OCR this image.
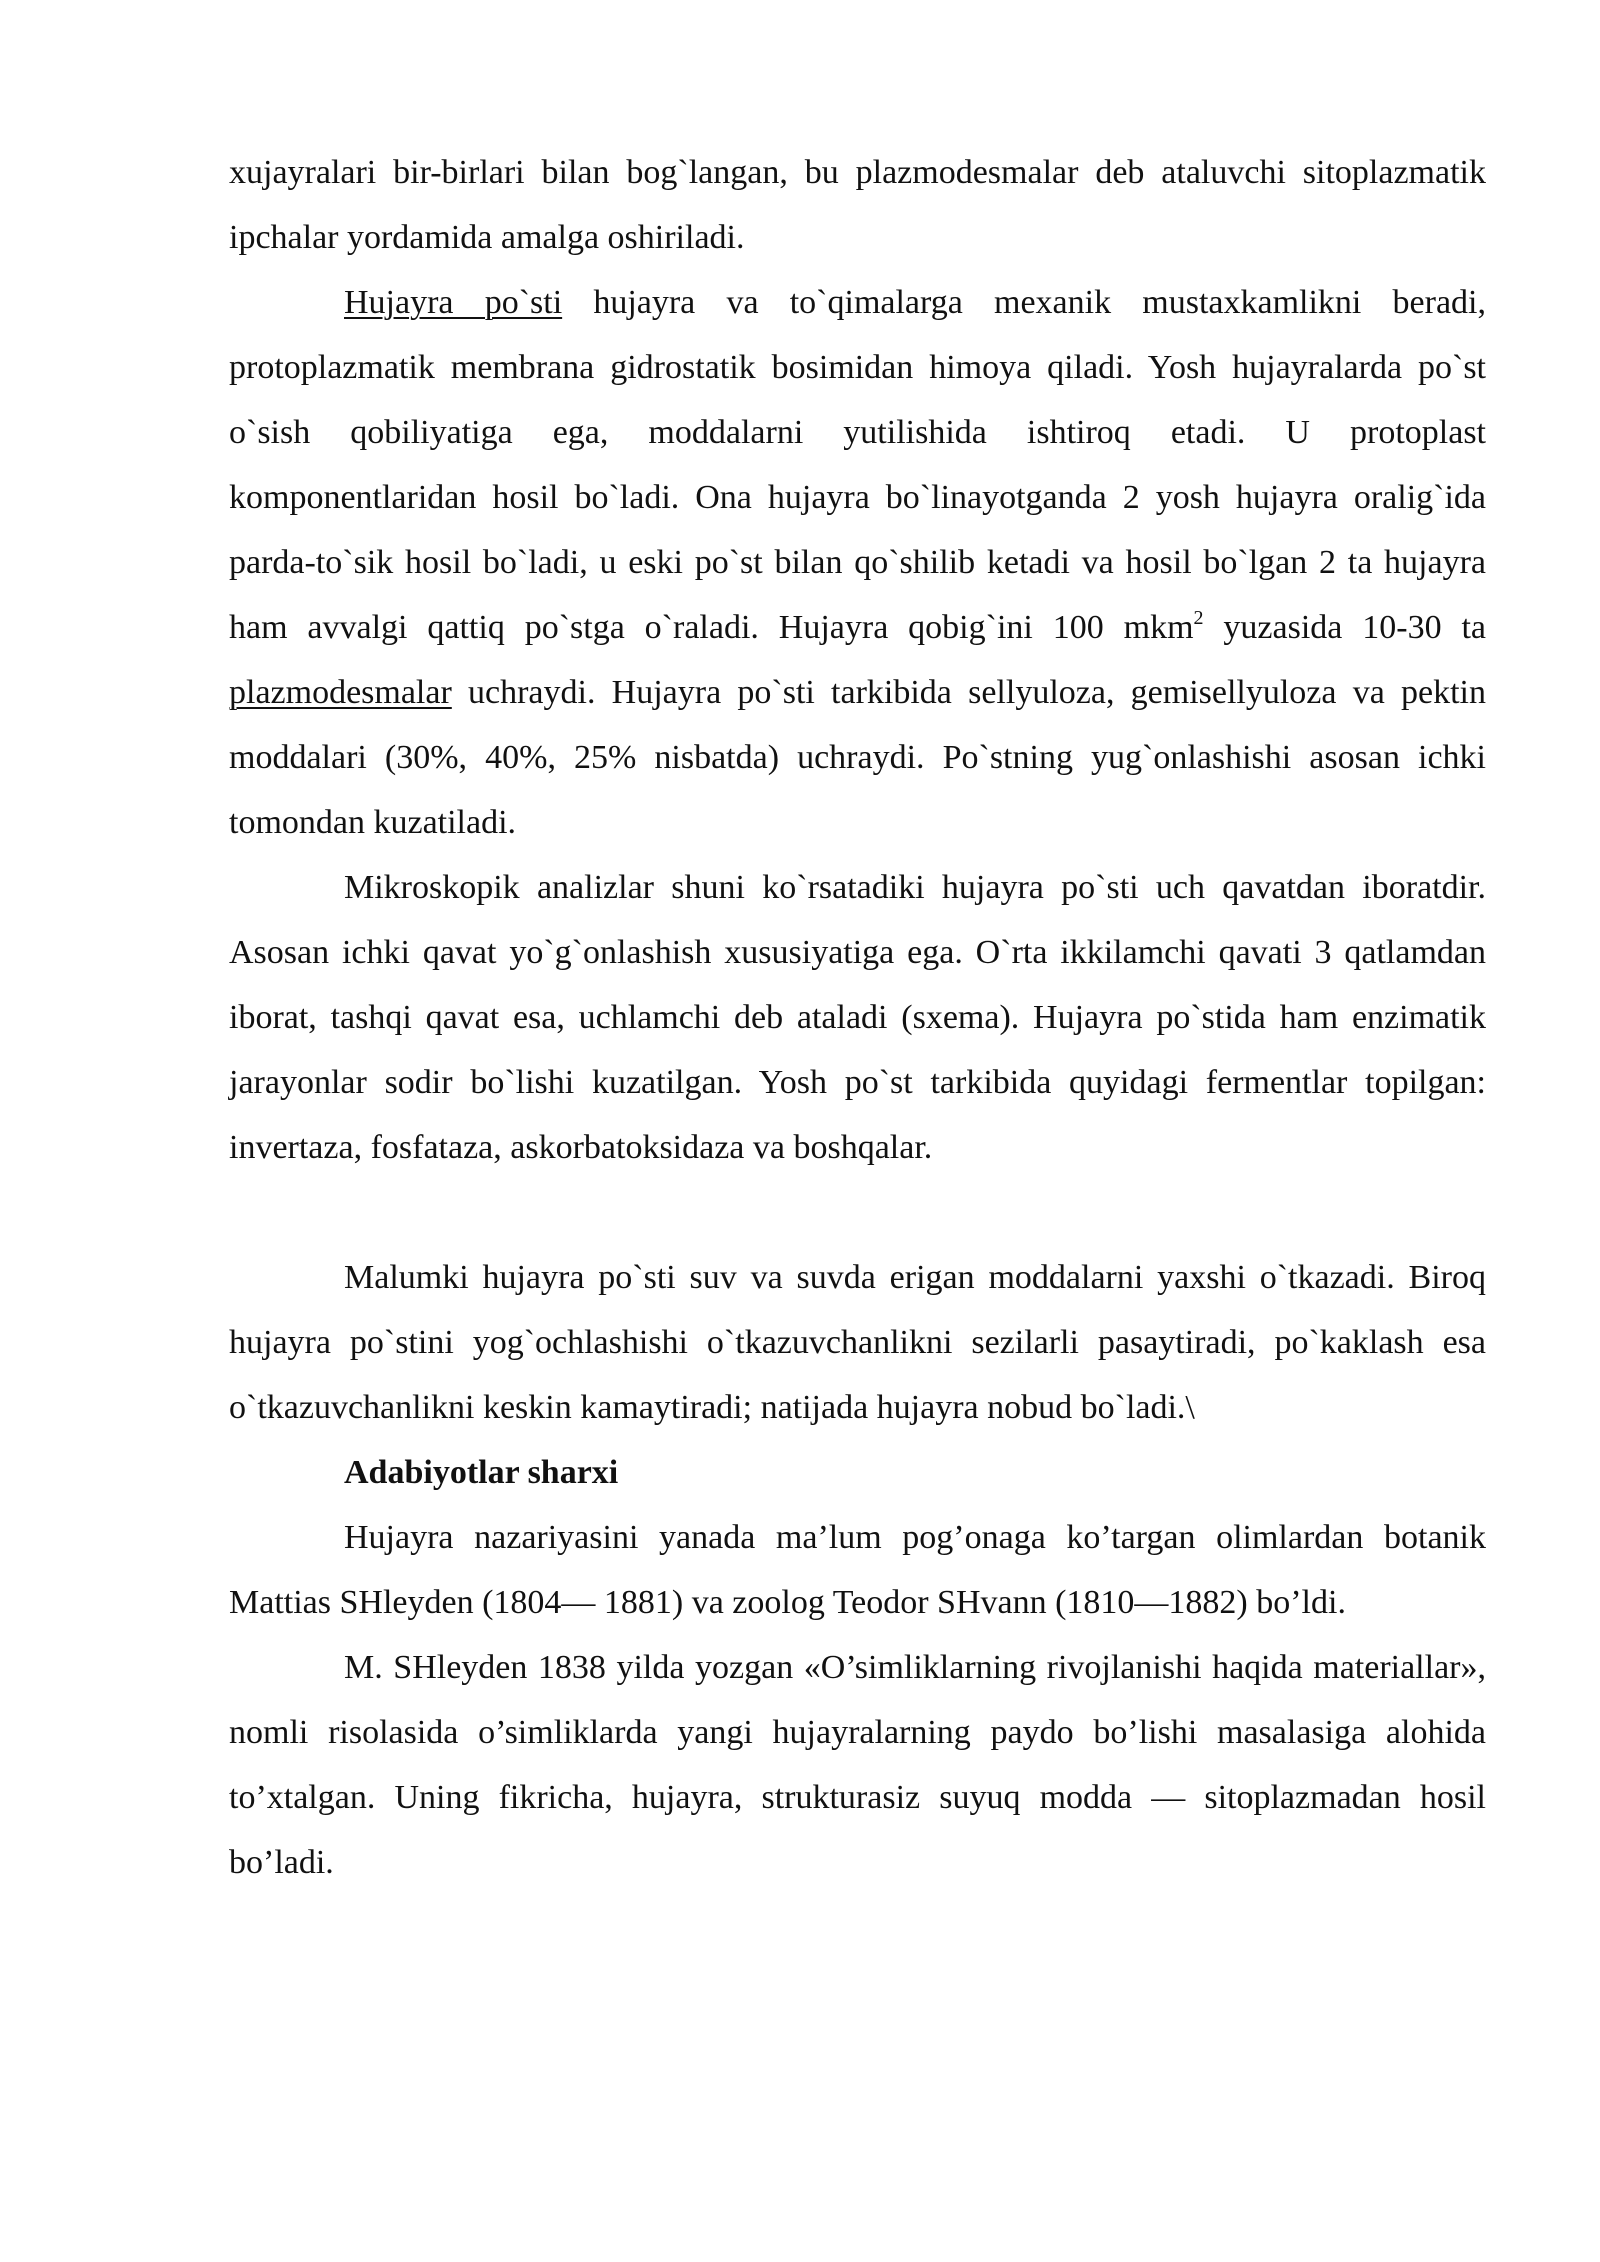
xujayralari bir-birlari bilan bog`langan, bu plazmodesmalar deb ataluvchi sitoplazmatik ipchalar yordamida amalga oshiriladi.

Hujayra po`sti hujayra va to`qimalarga mexanik mustaxkamlikni beradi, protoplazmatik membrana gidrostatik bosimidan himoya qiladi. Yosh hujayralarda po`st o`sish qobiliyatiga ega, moddalarni yutilishida ishtiroq etadi. U protoplast komponentlaridan hosil bo`ladi. Ona hujayra bo`linayotganda 2 yosh hujayra oralig`ida parda-to`sik hosil bo`ladi, u eski po`st bilan qo`shilib ketadi va hosil bo`lgan 2 ta hujayra ham avvalgi qattiq po`stga o`raladi. Hujayra qobig`ini 100 mkm$^2$ yuzasida 10-30 ta plazmodesmalar uchraydi. Hujayra po`sti tarkibida sellyuloza, gemisellyuloza va pektin moddalari (30%, 40%, 25% nisbatda) uchraydi. Po`stning yug`onlashishi asosan ichki tomondan kuzatiladi.

Mikroskopik analizlar shuni ko`rsatadiki hujayra po`sti uch qavatdan iboratdir. Asosan ichki qavat yo`g`onlashish xususiyatiga ega. O`rta ikkilamchi qavati 3 qatlamdan iborat, tashqi qavat esa, uchlamchi deb ataladi (sxema). Hujayra po`stida ham enzimatik jarayonlar sodir bo`lishi kuzatilgan. Yosh po`st tarkibida quyidagi fermentlar topilgan: invertaza, fosfataza, askorbatoksidaza va boshqalar.

Malumki hujayra po`sti suv va suvda erigan moddalarni yaxshi o`tkazadi. Biroq hujayra po`stini yog`ochlashishi o`tkazuvchanlikni sezilarli pasaytiradi, po`kaklash esa o`tkazuvchanlikni keskin kamaytiradi; natijada hujayra nobud bo`ladi.\

Adabiyotlar sharxi

Hujayra nazariyasini yanada ma’lum pog’onaga ko’targan olimlardan botanik Mattias SHleyden (1804— 1881) va zoolog Teodor SHvann (1810—1882) bo’ldi.

M. SHleyden 1838 yilda yozgan «O’simliklarning rivojlanishi haqida materiallar», nomli risolasida o’simliklarda yangi hujayralarning paydo bo’lishi masalasiga alohida to’xtalgan. Uning fikricha, hujayra, strukturasiz suyuq modda — sitoplazmadan hosil bo’ladi.
